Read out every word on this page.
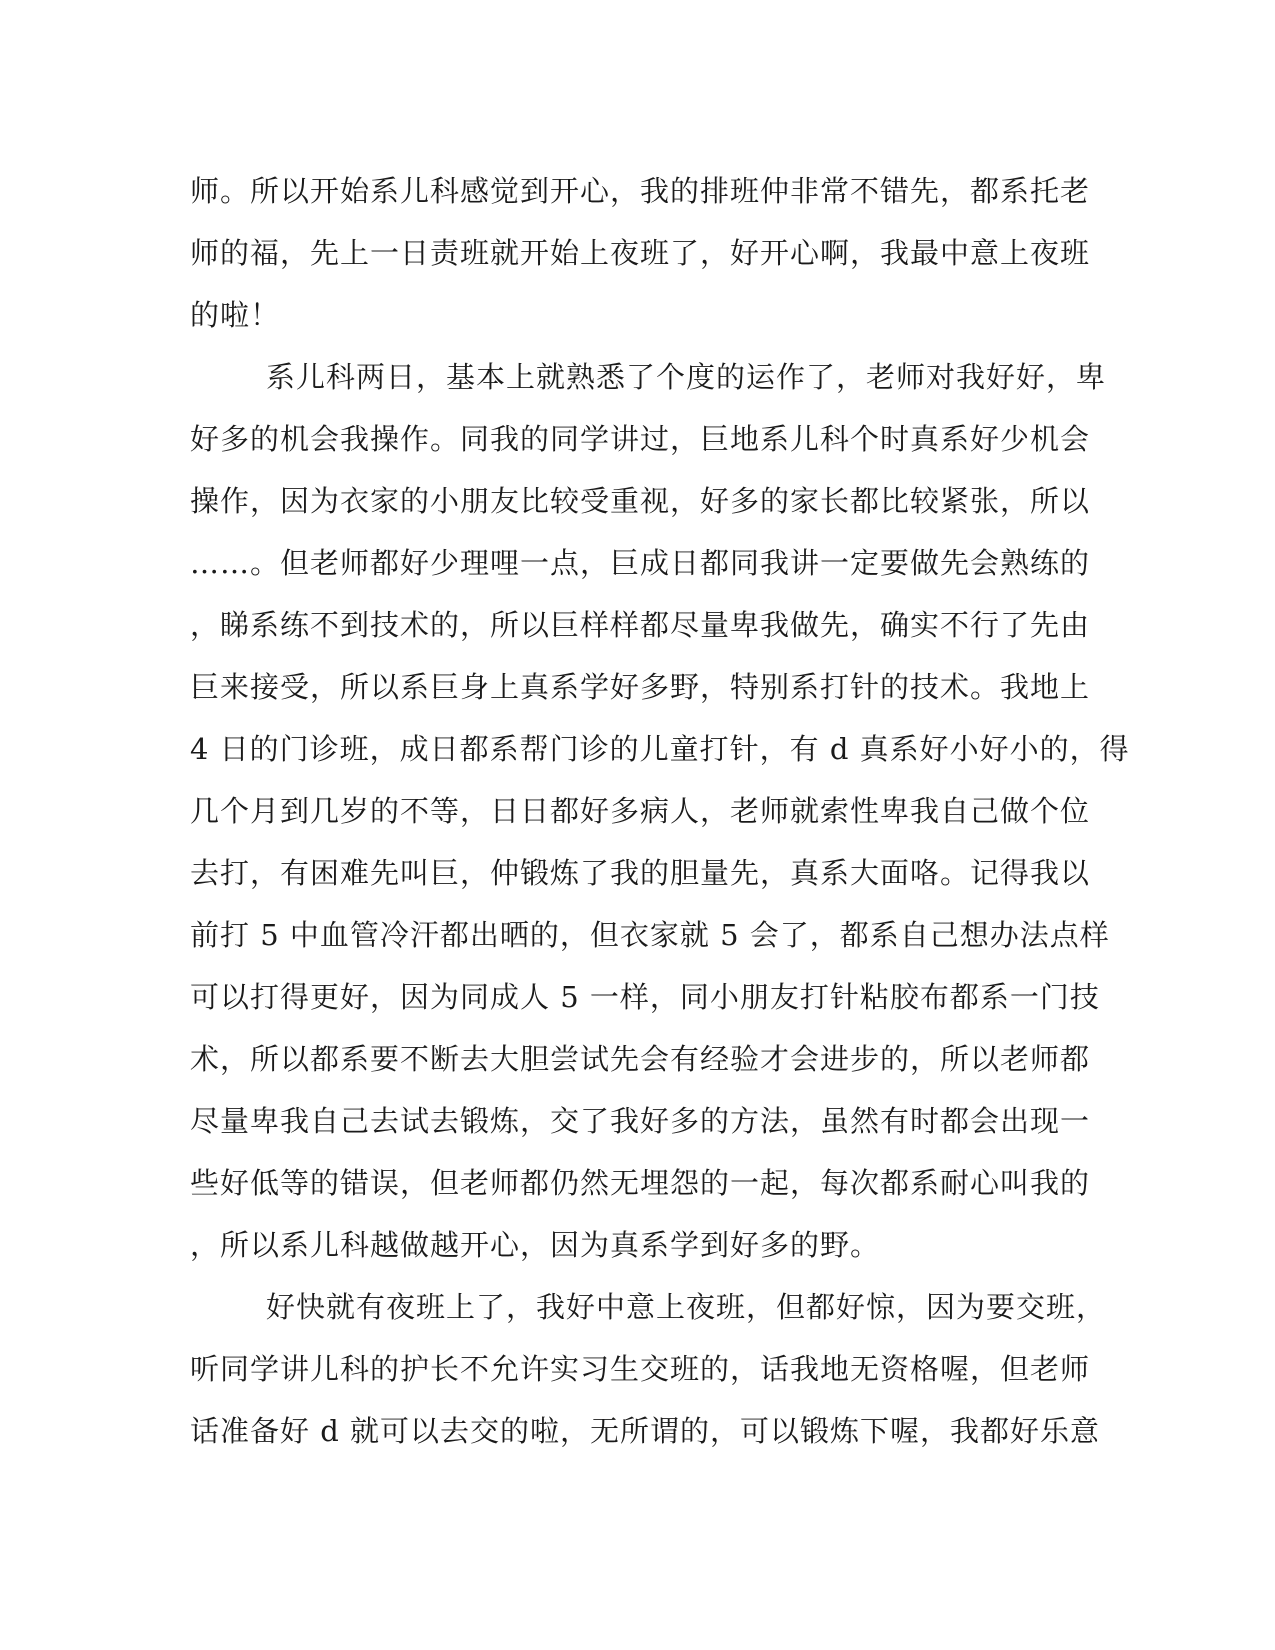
师。所以开始系儿科感觉到开心，我的排班仲非常不错先，都系托老
师的福，先上一日责班就开始上夜班了，好开心啊，我最中意上夜班
的啦！
系儿科两日，基本上就熟悉了个度的运作了，老师对我好好，卑
好多的机会我操作。同我的同学讲过，巨地系儿科个时真系好少机会
操作，因为衣家的小朋友比较受重视，好多的家长都比较紧张，所以
……。但老师都好少理哩一点，巨成日都同我讲一定要做先会熟练的
，睇系练不到技术的，所以巨样样都尽量卑我做先，确实不行了先由
巨来接受，所以系巨身上真系学好多野，特别系打针的技术。我地上
4 日的门诊班，成日都系帮门诊的儿童打针，有 d 真系好小好小的，得
几个月到几岁的不等，日日都好多病人，老师就索性卑我自己做个位
去打，有困难先叫巨，仲锻炼了我的胆量先，真系大面咯。记得我以
前打 5 中血管冷汗都出晒的，但衣家就 5 会了，都系自己想办法点样
可以打得更好，因为同成人 5 一样，同小朋友打针粘胶布都系一门技
术，所以都系要不断去大胆尝试先会有经验才会进步的，所以老师都
尽量卑我自己去试去锻炼，交了我好多的方法，虽然有时都会出现一
些好低等的错误，但老师都仍然无埋怨的一起，每次都系耐心叫我的
，所以系儿科越做越开心，因为真系学到好多的野。
好快就有夜班上了，我好中意上夜班，但都好惊，因为要交班，
听同学讲儿科的护长不允许实习生交班的，话我地无资格喔，但老师
话准备好 d 就可以去交的啦，无所谓的，可以锻炼下喔，我都好乐意
